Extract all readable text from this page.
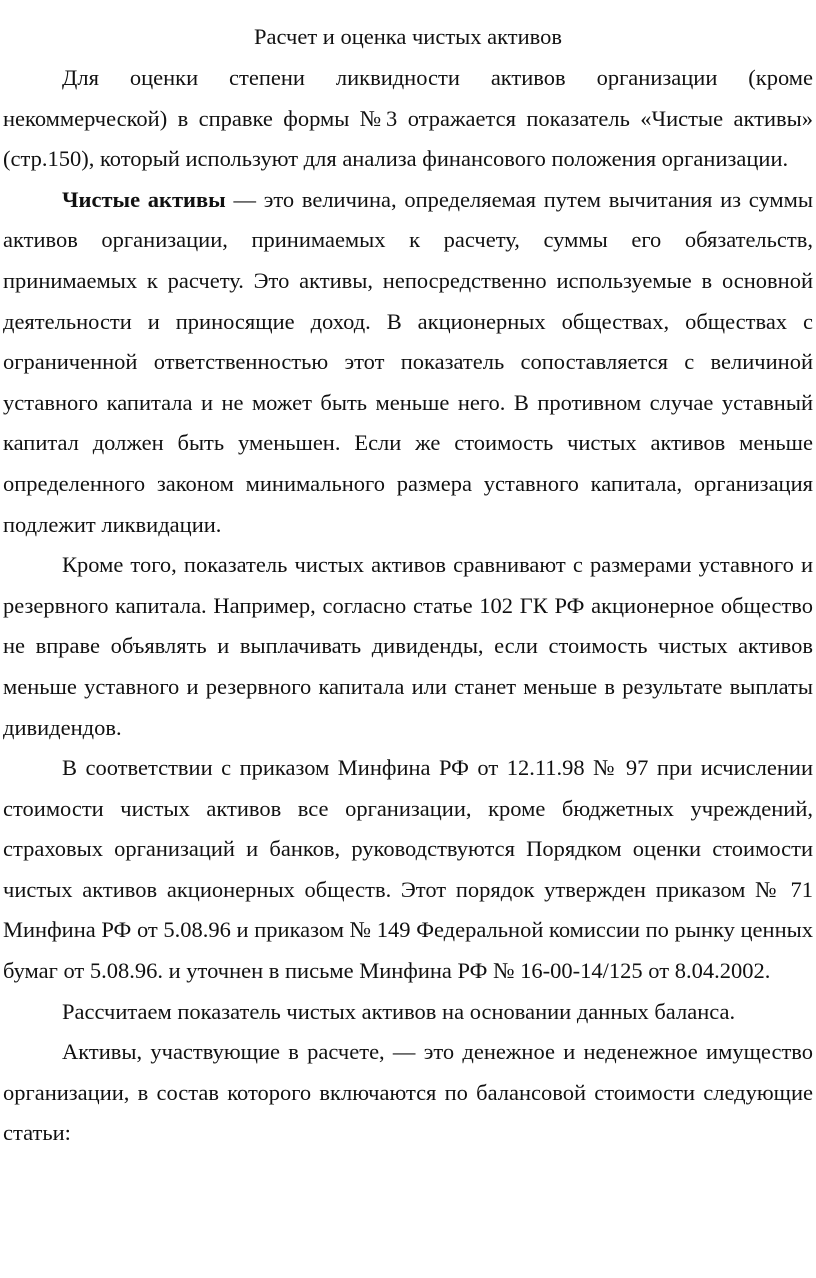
Расчет и оценка чистых активов

Для оценки степени ликвидности активов организации (кроме некоммерческой) в справке формы №3 отражается показатель «Чистые активы» (стр.150), который используют для анализа финансового положения организации.

Чистые активы — это величина, определяемая путем вычитания из суммы активов организации, принимаемых к расчету, суммы его обязательств, принимаемых к расчету. Это активы, непосредственно используемые в основной деятельности и приносящие доход. В акционерных обществах, обществах с ограниченной ответственностью этот показатель сопоставляется с величиной уставного капитала и не может быть меньше него. В противном случае уставный капитал должен быть уменьшен. Если же стоимость чистых активов меньше определенного законом минимального размера уставного капитала, организация подлежит ликвидации.

Кроме того, показатель чистых активов сравнивают с размерами уставного и резервного капитала. Например, согласно статье 102 ГК РФ акционерное общество не вправе объявлять и выплачивать дивиденды, если стоимость чистых активов меньше уставного и резервного капитала или станет меньше в результате выплаты дивидендов.

В соответствии с приказом Минфина РФ от 12.11.98 № 97 при исчислении стоимости чистых активов все организации, кроме бюджетных учреждений, страховых организаций и банков, руководствуются Порядком оценки стоимости чистых активов акционерных обществ. Этот порядок утвержден приказом № 71 Минфина РФ от 5.08.96 и приказом № 149 Федеральной комиссии по рынку ценных бумаг от 5.08.96. и уточнен в письме Минфина РФ № 16-00-14/125 от 8.04.2002.

Рассчитаем показатель чистых активов на основании данных баланса.

Активы, участвующие в расчете, — это денежное и неденежное имущество организации, в состав которого включаются по балансовой стоимости следующие статьи:
